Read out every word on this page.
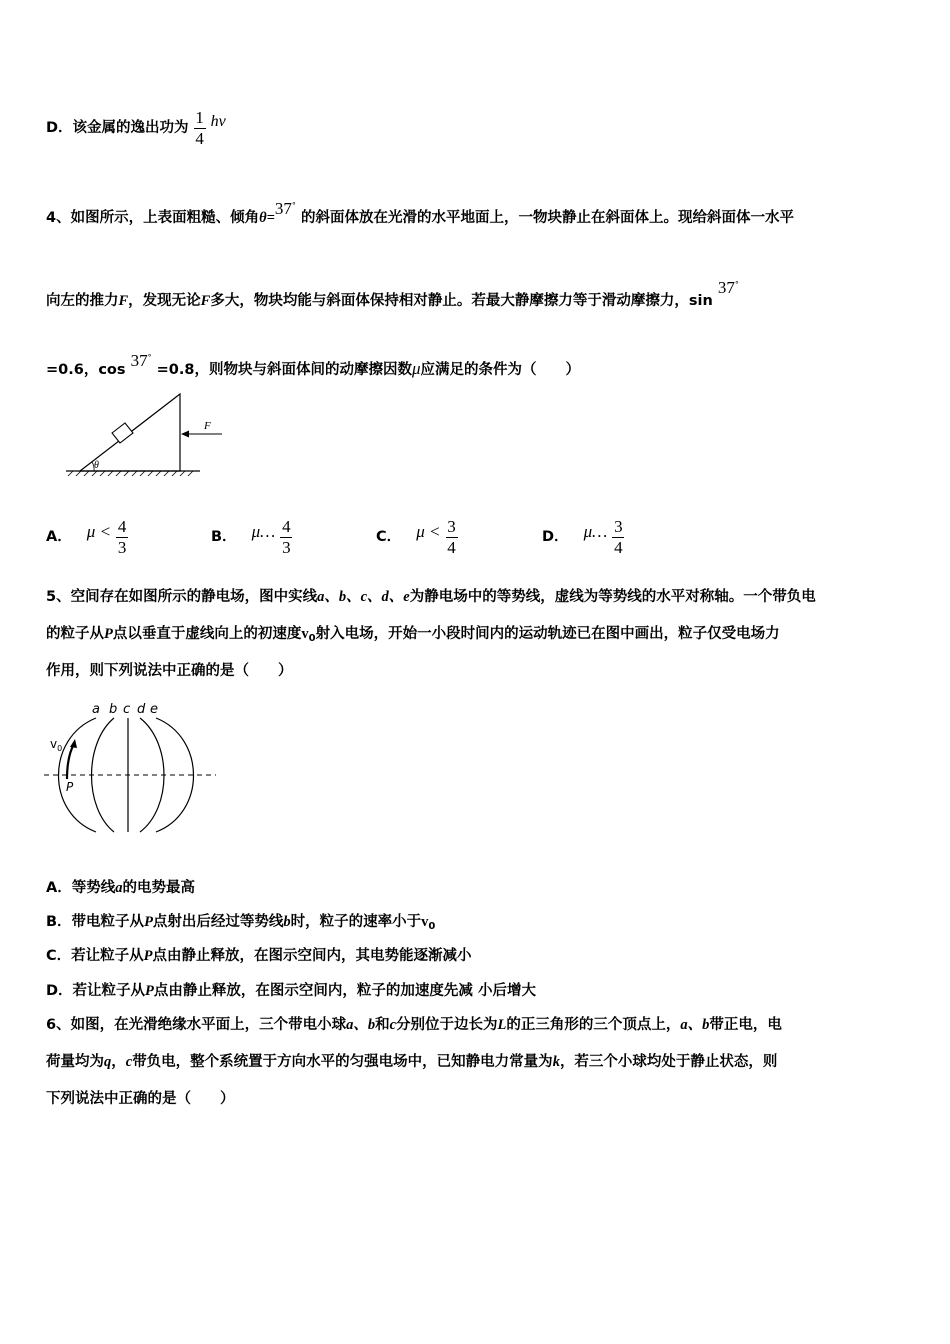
D．该金属的逸出功为 $\frac{1}{4}$ hν
4、如图所示，上表面粗糙、倾角θ=37° 的斜面体放在光滑的水平地面上，一物块静止在斜面体上。现给斜面体一水平
向左的推力F，发现无论F多大，物块均能与斜面体保持相对静止。若最大静摩擦力等于滑动摩擦力，sin 37°
=0.6，cos 37° =0.8，则物块与斜面体间的动摩擦因数μ应满足的条件为（　　）
θ
F
A． $\mu < \frac{4}{3}$	B． μ… $\frac{4}{3}$	C． $\mu < \frac{3}{4}$	D． μ… $\frac{3}{4}$
5、空间存在如图所示的静电场，图中实线a、b、c、d、e为静电场中的等势线，虚线为等势线的水平对称轴。一个带负电
的粒子从P点以垂直于虚线向上的初速度$v_0$射入电场，开始一小段时间内的运动轨迹已在图中画出，粒子仅受电场力
作用，则下列说法中正确的是（　　）
a b c d e
$v_0$
P
A．等势线a的电势最高
B．带电粒子从P点射出后经过等势线b时，粒子的速率小于$v_0$
C．若让粒子从P点由静止释放，在图示空间内，其电势能逐渐减小
D．若让粒子从P点由静止释放，在图示空间内，粒子的加速度先减 小后增大
6、如图，在光滑绝缘水平面上，三个带电小球a、b和c分别位于边长为L的正三角形的三个顶点上，a、b带正电，电
荷量均为q，c带负电，整个系统置于方向水平的匀强电场中，已知静电力常量为k，若三个小球均处于静止状态，则
下列说法中正确的是（　　）
